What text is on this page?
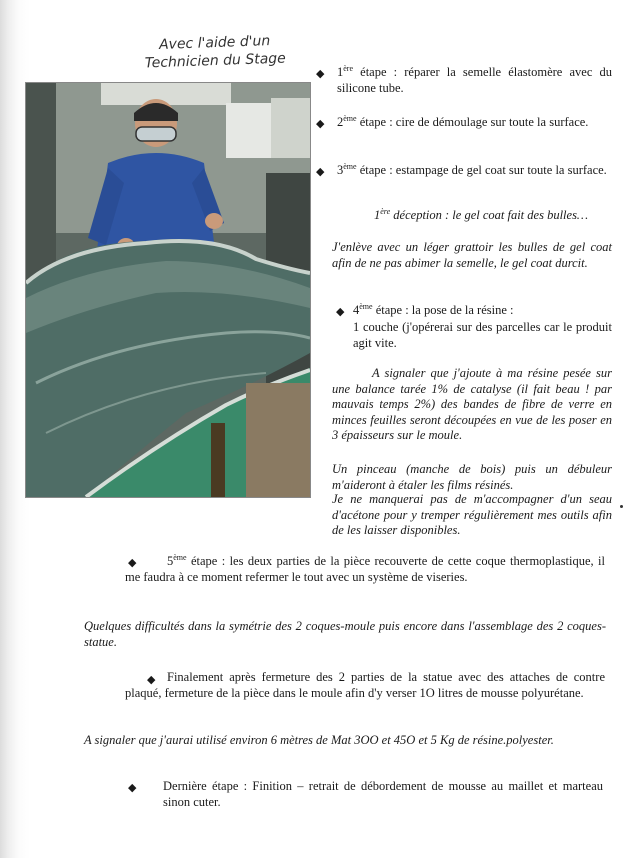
Avec l'aide d'un
Technicien du Stage
◆ 1ère étape : réparer la semelle élastomère avec du silicone tube.
◆ 2ème étape : cire de démoulage sur toute la surface.
◆ 3ème étape : estampage de gel coat sur toute la surface.
1ère déception : le gel coat fait des bulles…
J'enlève avec un léger grattoir les bulles de gel coat afin de ne pas abimer la semelle, le gel coat durcit.
◆ 4ème étape : la pose de la résine :
1 couche (j'opérerai sur des parcelles car le produit agit vite.
A signaler que j'ajoute à ma résine pesée sur une balance tarée 1% de catalyse (il fait beau ! par mauvais temps 2%) des bandes de fibre de verre en minces feuilles seront découpées en vue de les poser en 3 épaisseurs sur le moule.
Un pinceau (manche de bois) puis un débuleur m'aideront à étaler les films résinés.
Je ne manquerai pas de m'accompagner d'un seau d'acétone pour y tremper régulièrement mes outils afin de les laisser disponibles.
◆	5ème étape : les deux parties de la pièce recouverte de cette coque thermoplastique, il me faudra à ce moment refermer le tout avec un système de viseries.
Quelques difficultés dans la symétrie des 2 coques-moule puis encore dans l'assemblage des 2 coques-statue.
◆ Finalement après fermeture des 2 parties de la statue avec des attaches de contre plaqué, fermeture de la pièce dans le moule afin d'y verser 1O litres de mousse polyurétane.
A signaler que j'aurai utilisé environ 6 mètres de Mat 3OO et 45O et 5 Kg de résine.polyester.
◆ Dernière étape : Finition – retrait de débordement de mousse au maillet et marteau sinon cuter.
